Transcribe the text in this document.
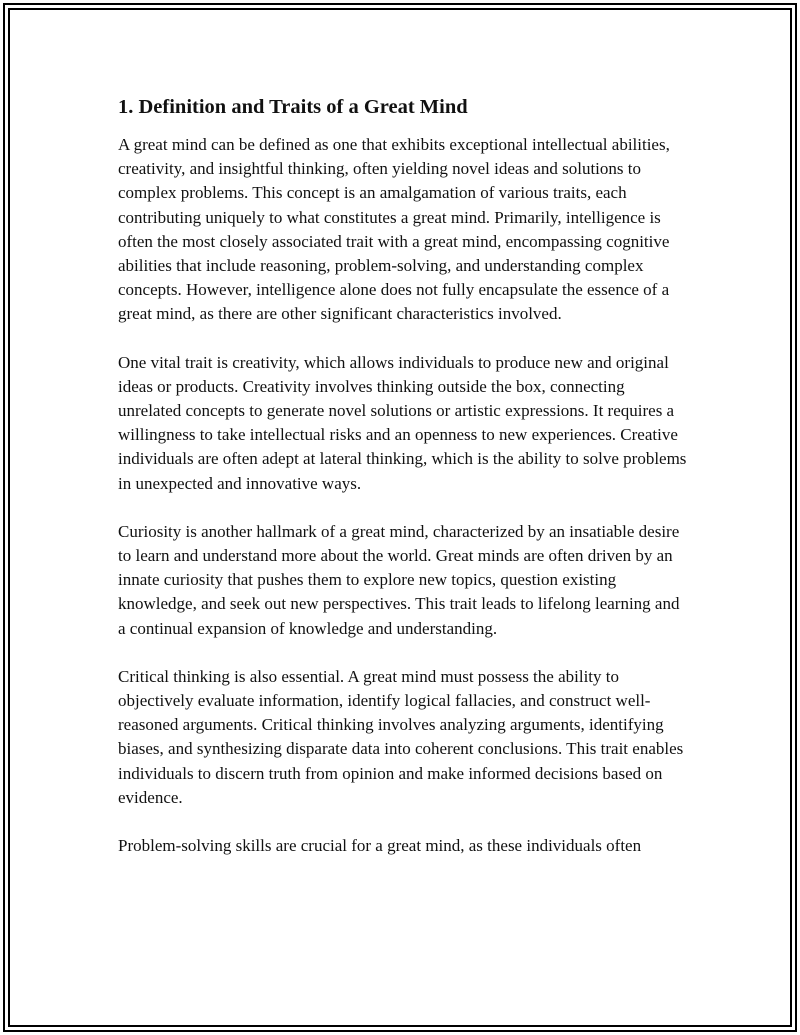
1. Definition and Traits of a Great Mind

A great mind can be defined as one that exhibits exceptional intellectual abilities, creativity, and insightful thinking, often yielding novel ideas and solutions to complex problems. This concept is an amalgamation of various traits, each contributing uniquely to what constitutes a great mind. Primarily, intelligence is often the most closely associated trait with a great mind, encompassing cognitive abilities that include reasoning, problem-solving, and understanding complex concepts. However, intelligence alone does not fully encapsulate the essence of a great mind, as there are other significant characteristics involved.

One vital trait is creativity, which allows individuals to produce new and original ideas or products. Creativity involves thinking outside the box, connecting unrelated concepts to generate novel solutions or artistic expressions. It requires a willingness to take intellectual risks and an openness to new experiences. Creative individuals are often adept at lateral thinking, which is the ability to solve problems in unexpected and innovative ways.

Curiosity is another hallmark of a great mind, characterized by an insatiable desire to learn and understand more about the world. Great minds are often driven by an innate curiosity that pushes them to explore new topics, question existing knowledge, and seek out new perspectives. This trait leads to lifelong learning and a continual expansion of knowledge and understanding.

Critical thinking is also essential. A great mind must possess the ability to objectively evaluate information, identify logical fallacies, and construct well-reasoned arguments. Critical thinking involves analyzing arguments, identifying biases, and synthesizing disparate data into coherent conclusions. This trait enables individuals to discern truth from opinion and make informed decisions based on evidence.

Problem-solving skills are crucial for a great mind, as these individuals often
